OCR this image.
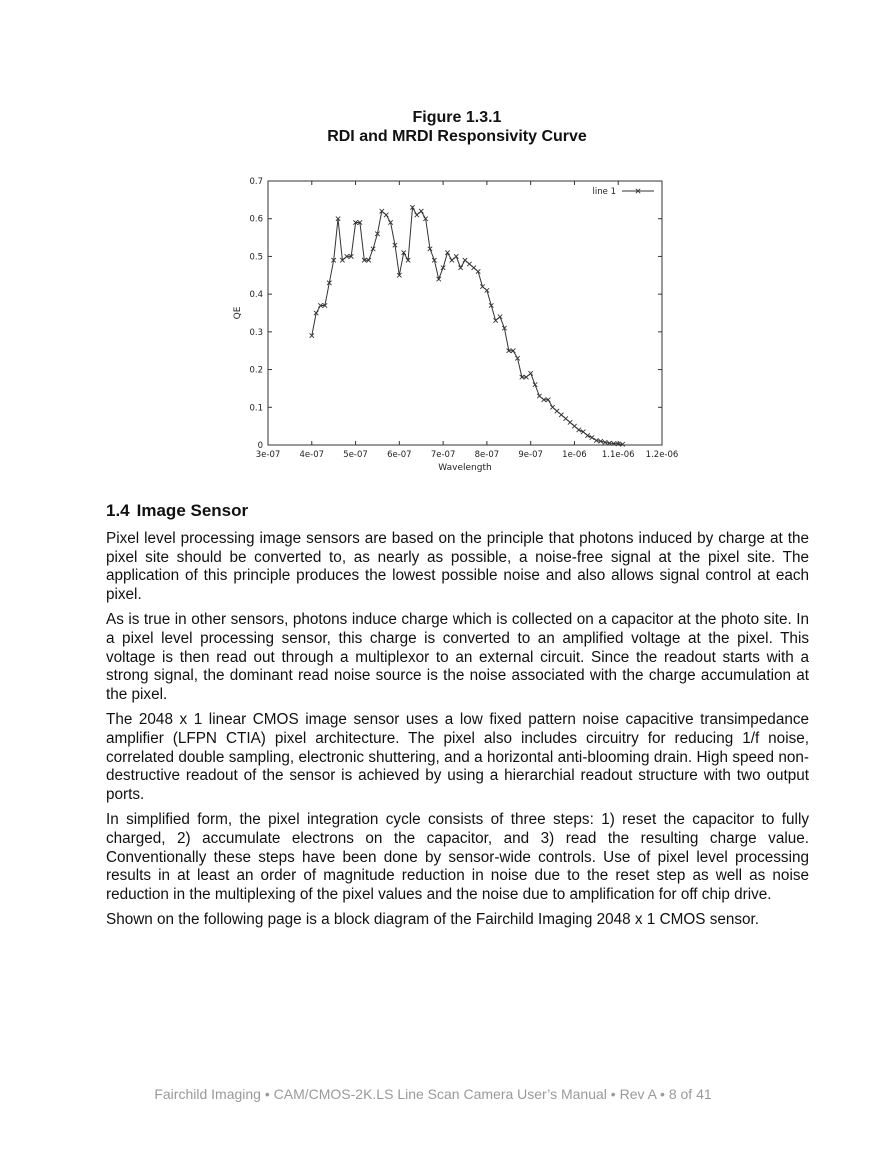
Figure 1.3.1
RDI and MRDI Responsivity Curve
3e-07 4e-07 5e-07 6e-07 7e-07 8e-07 9e-07 1e-06 1.1e-06 1.2e-06
0
0.1
0.2
0.3
0.4
0.5
0.6
0.7
Wavelength
QE
line 1
1.4 Image Sensor

Pixel level processing image sensors are based on the principle that photons induced by charge at the pixel site should be converted to, as nearly as possible, a noise-free signal at the pixel site. The application of this principle produces the lowest possible noise and also allows signal control at each pixel.

As is true in other sensors, photons induce charge which is collected on a capacitor at the photo site. In a pixel level processing sensor, this charge is converted to an amplified voltage at the pixel. This voltage is then read out through a multiplexor to an external circuit. Since the readout starts with a strong signal, the dominant read noise source is the noise associated with the charge accumulation at the pixel.

The 2048 x 1 linear CMOS image sensor uses a low fixed pattern noise capacitive transimpedance amplifier (LFPN CTIA) pixel architecture. The pixel also includes circuitry for reducing 1/f noise, correlated double sampling, electronic shuttering, and a horizontal anti-blooming drain. High speed non-destructive readout of the sensor is achieved by using a hierarchial readout structure with two output ports.

In simplified form, the pixel integration cycle consists of three steps: 1) reset the capacitor to fully charged, 2) accumulate electrons on the capacitor, and 3) read the resulting charge value. Conventionally these steps have been done by sensor-wide controls. Use of pixel level processing results in at least an order of magnitude reduction in noise due to the reset step as well as noise reduction in the multiplexing of the pixel values and the noise due to amplification for off chip drive.

Shown on the following page is a block diagram of the Fairchild Imaging 2048 x 1 CMOS sensor.

Fairchild Imaging • CAM/CMOS-2K.LS Line Scan Camera User’s Manual • Rev A • 8 of 41
